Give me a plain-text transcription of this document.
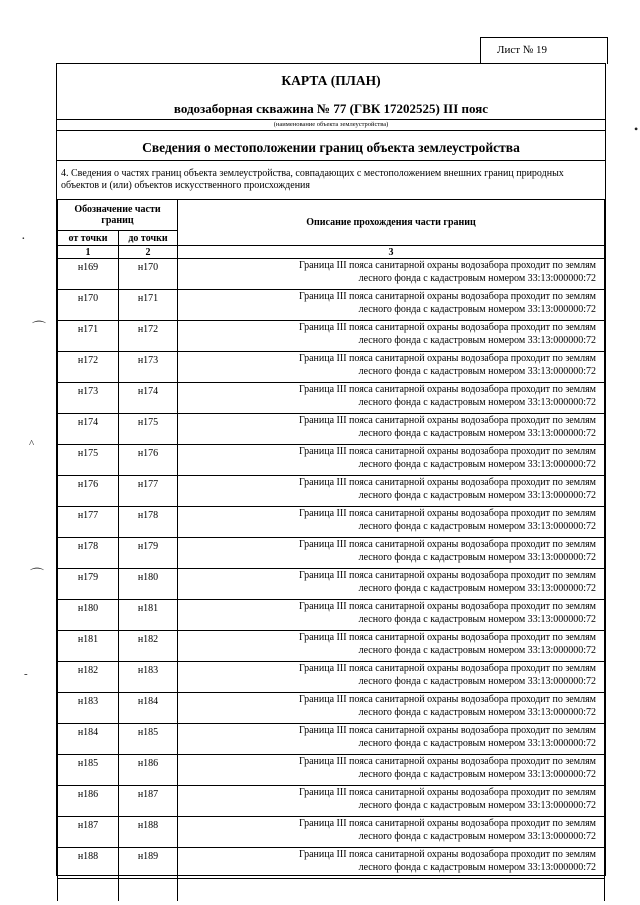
Лист № 19
КАРТА (ПЛАН)
водозаборная скважина № 77 (ГВК 17202525) III пояс
(наименование объекта землеустройства)
Сведения о местоположении границ объекта землеустройства
4. Сведения о частях границ объекта землеустройства, совпадающих с местоположением внешних границ природных объектов и (или) объектов искусственного происхождения
Обозначение части границ		Описание прохождения части границ
от точки	до точки	
1	2	3
н169	н170	Граница III пояса санитарной охраны водозабора проходит по землям
лесного фонда с кадастровым номером 33:13:000000:72

н170	н171	Граница III пояса санитарной охраны водозабора проходит по землям
лесного фонда с кадастровым номером 33:13:000000:72

н171	н172	Граница III пояса санитарной охраны водозабора проходит по землям
лесного фонда с кадастровым номером 33:13:000000:72

н172	н173	Граница III пояса санитарной охраны водозабора проходит по землям
лесного фонда с кадастровым номером 33:13:000000:72

н173	н174	Граница III пояса санитарной охраны водозабора проходит по землям
лесного фонда с кадастровым номером 33:13:000000:72

н174	н175	Граница III пояса санитарной охраны водозабора проходит по землям
лесного фонда с кадастровым номером 33:13:000000:72

н175	н176	Граница III пояса санитарной охраны водозабора проходит по землям
лесного фонда с кадастровым номером 33:13:000000:72

н176	н177	Граница III пояса санитарной охраны водозабора проходит по землям
лесного фонда с кадастровым номером 33:13:000000:72

н177	н178	Граница III пояса санитарной охраны водозабора проходит по землям
лесного фонда с кадастровым номером 33:13:000000:72

н178	н179	Граница III пояса санитарной охраны водозабора проходит по землям
лесного фонда с кадастровым номером 33:13:000000:72

н179	н180	Граница III пояса санитарной охраны водозабора проходит по землям
лесного фонда с кадастровым номером 33:13:000000:72

н180	н181	Граница III пояса санитарной охраны водозабора проходит по землям
лесного фонда с кадастровым номером 33:13:000000:72

н181	н182	Граница III пояса санитарной охраны водозабора проходит по землям
лесного фонда с кадастровым номером 33:13:000000:72

н182	н183	Граница III пояса санитарной охраны водозабора проходит по землям
лесного фонда с кадастровым номером 33:13:000000:72

н183	н184	Граница III пояса санитарной охраны водозабора проходит по землям
лесного фонда с кадастровым номером 33:13:000000:72

н184	н185	Граница III пояса санитарной охраны водозабора проходит по землям
лесного фонда с кадастровым номером 33:13:000000:72

н185	н186	Граница III пояса санитарной охраны водозабора проходит по землям
лесного фонда с кадастровым номером 33:13:000000:72

н186	н187	Граница III пояса санитарной охраны водозабора проходит по землям
лесного фонда с кадастровым номером 33:13:000000:72

н187	н188	Граница III пояса санитарной охраны водозабора проходит по землям
лесного фонда с кадастровым номером 33:13:000000:72

н188	н189	Граница III пояса санитарной охраны водозабора проходит по землям
лесного фонда с кадастровым номером 33:13:000000:72

·
⌒
^
⌒
-
•
